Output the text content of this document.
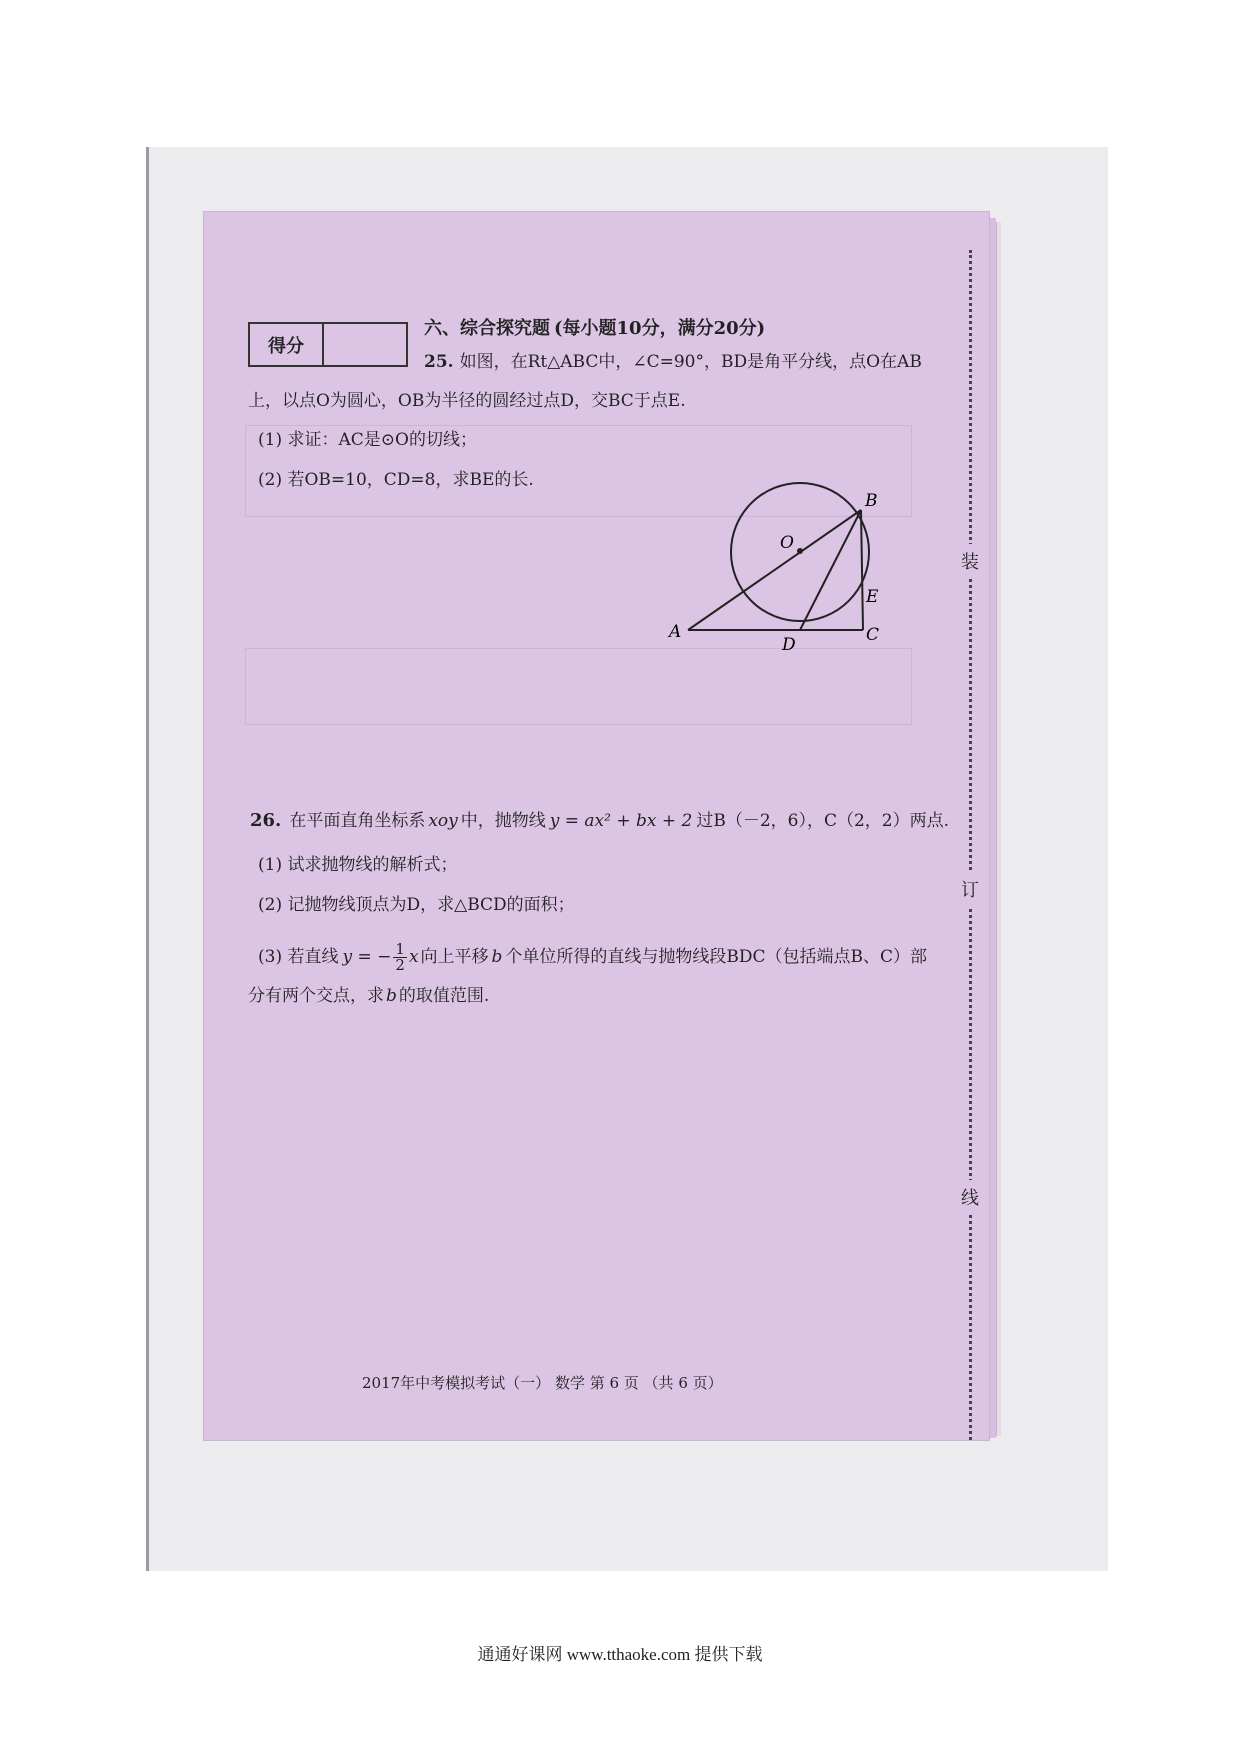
得分
六、综合探究题 (每小题10分，满分20分)
25. 如图，在Rt△ABC中，∠C=90°，BD是角平分线，点O在AB
上，以点O为圆心，OB为半径的圆经过点D，交BC于点E.
(1) 求证：AC是⊙O的切线；
(2) 若OB=10，CD=8，求BE的长.
B
O
E
A
D	C
26. 在平面直角坐标系 xoy 中，抛物线 y = ax² + bx + 2 过B（－2，6），C（2，2）两点.
(1) 试求抛物线的解析式；
(2) 记抛物线顶点为D，求△BCD的面积；
(3) 若直线 y = − $\frac{1}{2}$ x 向上平移 b 个单位所得的直线与抛物线段BDC（包括端点B、C）部
分有两个交点，求 b 的取值范围.
装
订
线
2017年中考模拟考试（一） 数学 第 6 页 （共 6 页）
通通好课网 www.tthaoke.com 提供下载
